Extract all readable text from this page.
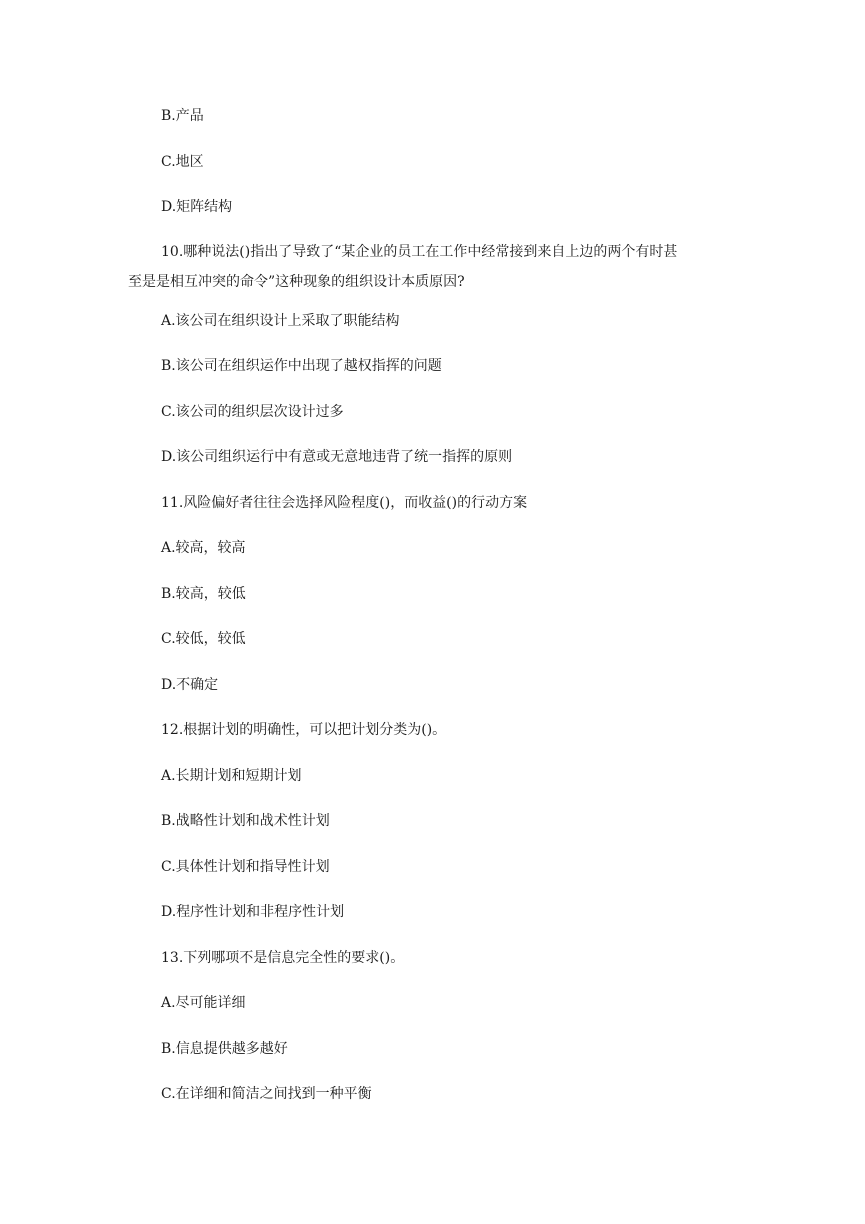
B.产品
C.地区
D.矩阵结构
10.哪种说法()指出了导致了“某企业的员工在工作中经常接到来自上边的两个有时甚
至是是相互冲突的命令”这种现象的组织设计本质原因?
A.该公司在组织设计上采取了职能结构
B.该公司在组织运作中出现了越权指挥的问题
C.该公司的组织层次设计过多
D.该公司组织运行中有意或无意地违背了统一指挥的原则
11.风险偏好者往往会选择风险程度()，而收益()的行动方案
A.较高，较高
B.较高，较低
C.较低，较低
D.不确定
12.根据计划的明确性，可以把计划分类为()。
A.长期计划和短期计划
B.战略性计划和战术性计划
C.具体性计划和指导性计划
D.程序性计划和非程序性计划
13.下列哪项不是信息完全性的要求()。
A.尽可能详细
B.信息提供越多越好
C.在详细和简洁之间找到一种平衡
